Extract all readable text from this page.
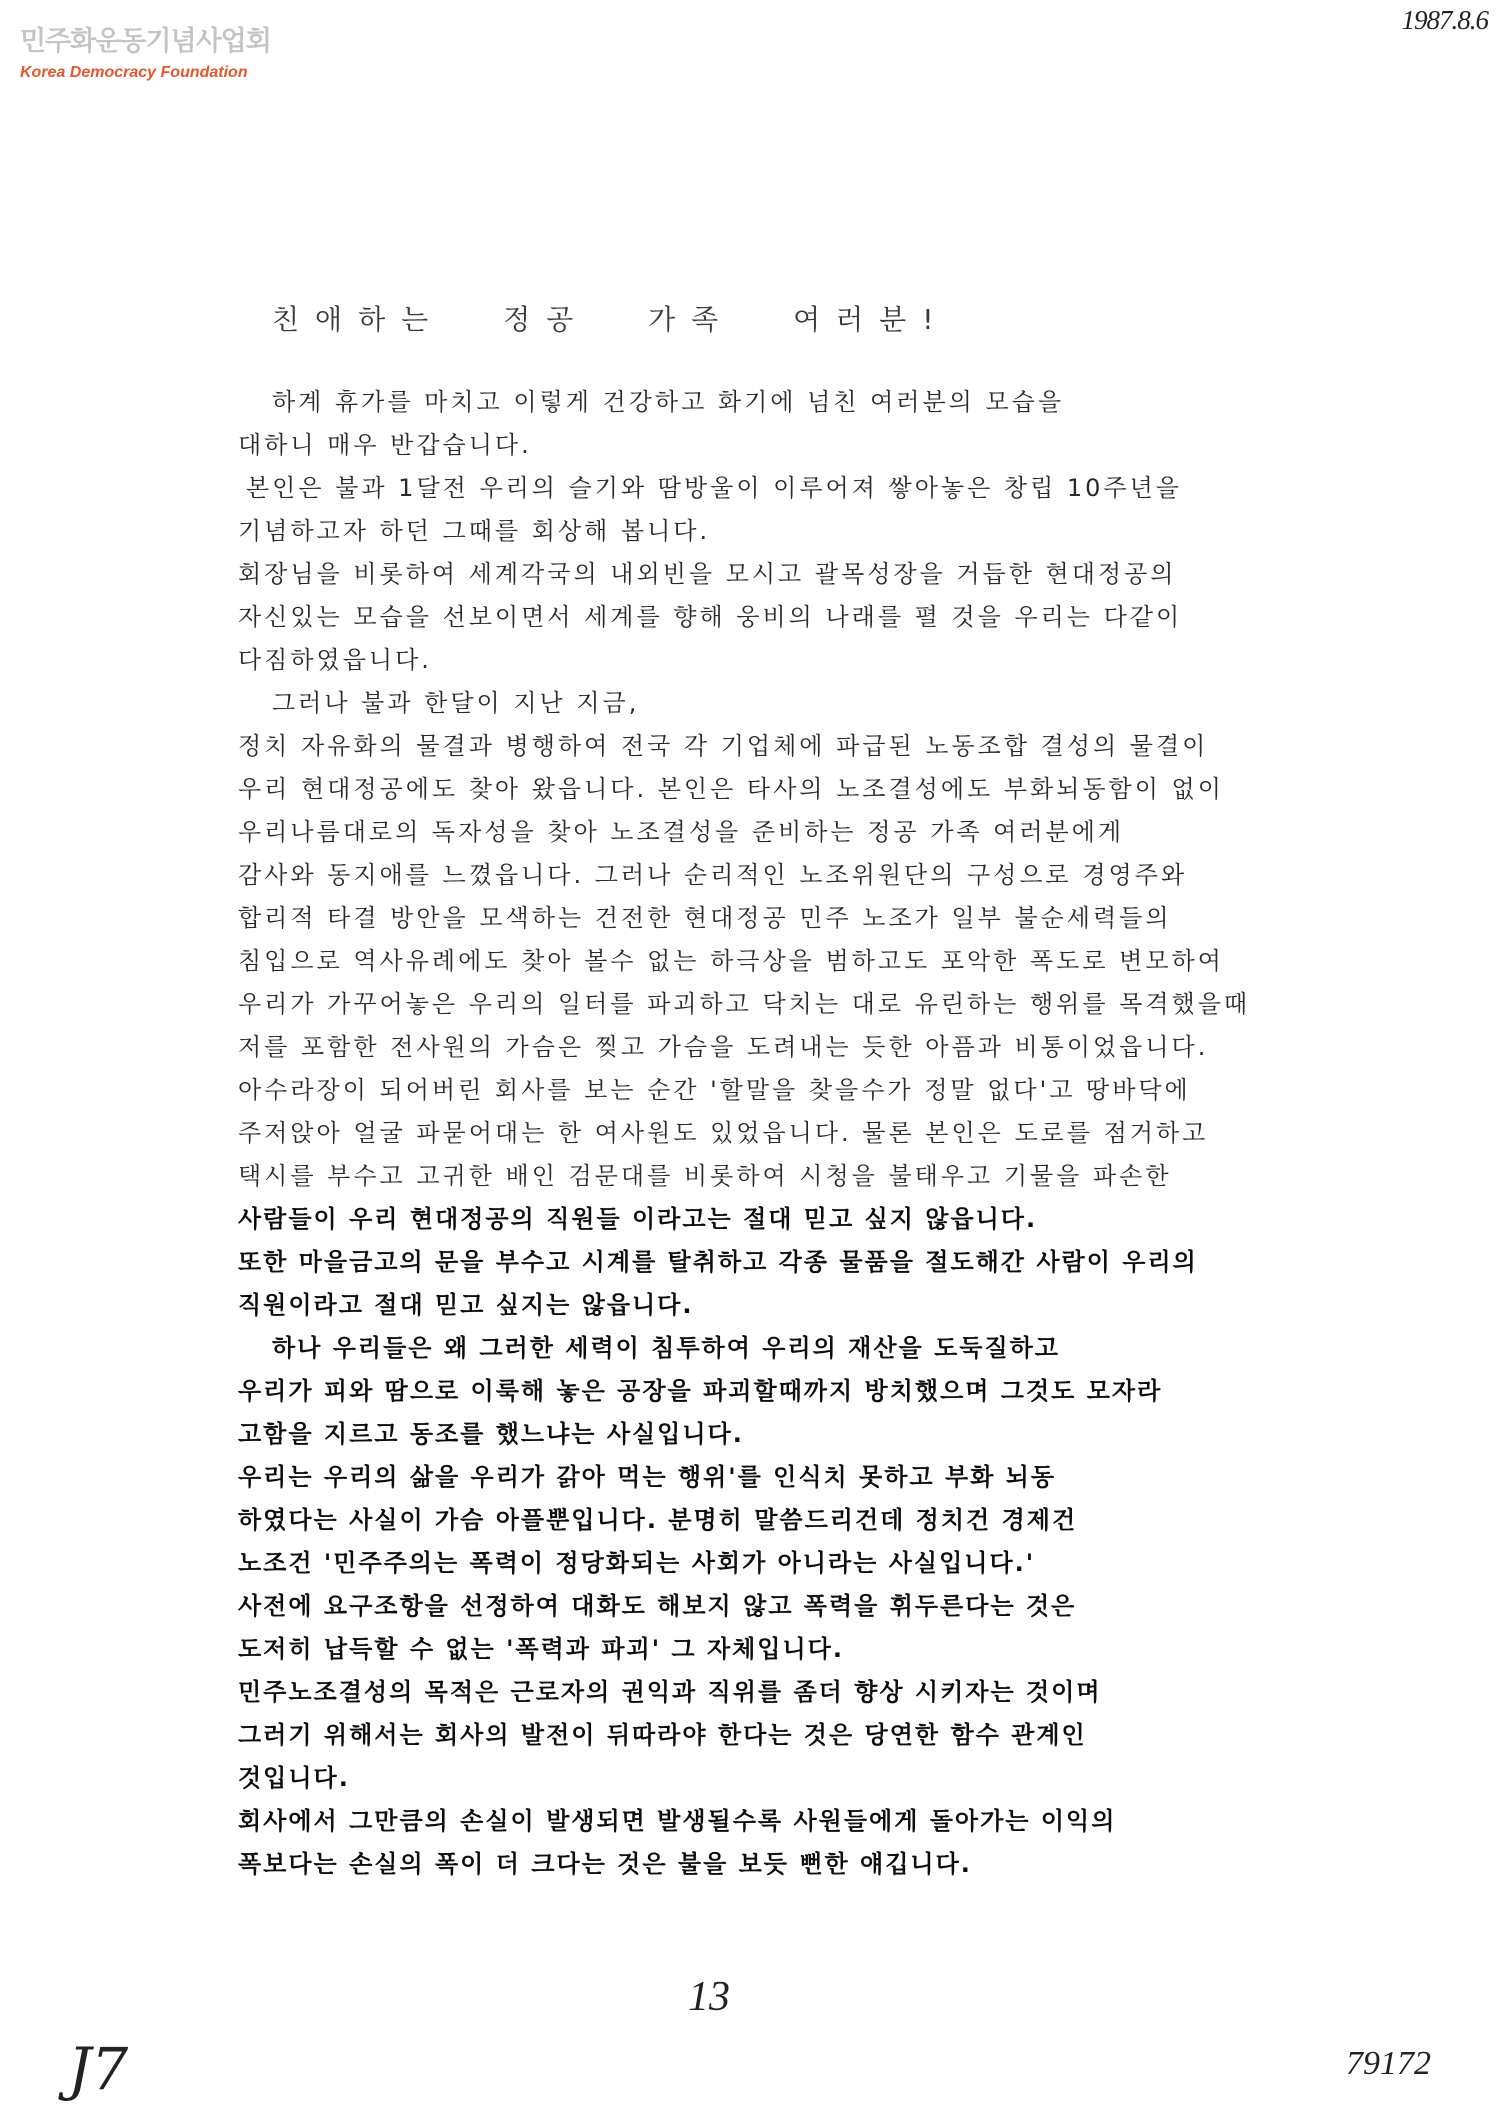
민주화운동기념사업회
Korea Democracy Foundation
1987.8.6
친애하는 정공 가족 여러분!
하계 휴가를 마치고 이렇게 건강하고 화기에 넘친 여러분의 모습을
대하니 매우 반갑습니다.
본인은 불과 1달전 우리의 슬기와 땀방울이 이루어져 쌓아놓은 창립 10주년을
기념하고자 하던 그때를 회상해 봅니다.
회장님을 비롯하여 세계각국의 내외빈을 모시고 괄목성장을 거듭한 현대정공의
자신있는 모습을 선보이면서 세계를 향해 웅비의 나래를 펼 것을 우리는 다같이
다짐하였읍니다.
그러나 불과 한달이 지난 지금,
정치 자유화의 물결과 병행하여 전국 각 기업체에 파급된 노동조합 결성의 물결이
우리 현대정공에도 찾아 왔읍니다. 본인은 타사의 노조결성에도 부화뇌동함이 없이
우리나름대로의 독자성을 찾아 노조결성을 준비하는 정공 가족 여러분에게
감사와 동지애를 느꼈읍니다. 그러나 순리적인 노조위원단의 구성으로 경영주와
합리적 타결 방안을 모색하는 건전한 현대정공 민주 노조가 일부 불순세력들의
침입으로 역사유례에도 찾아 볼수 없는 하극상을 범하고도 포악한 폭도로 변모하여
우리가 가꾸어놓은 우리의 일터를 파괴하고 닥치는 대로 유린하는 행위를 목격했을때
저를 포함한 전사원의 가슴은 찢고 가슴을 도려내는 듯한 아픔과 비통이었읍니다.
아수라장이 되어버린 회사를 보는 순간 '할말을 찾을수가 정말 없다'고 땅바닥에
주저앉아 얼굴 파묻어대는 한 여사원도 있었읍니다. 물론 본인은 도로를 점거하고
택시를 부수고 고귀한 배인 검문대를 비롯하여 시청을 불태우고 기물을 파손한
사람들이 우리 현대정공의 직원들 이라고는 절대 믿고 싶지 않읍니다.
또한 마을금고의 문을 부수고 시계를 탈취하고 각종 물품을 절도해간 사람이 우리의
직원이라고 절대 믿고 싶지는 않읍니다.
하나 우리들은 왜 그러한 세력이 침투하여 우리의 재산을 도둑질하고
우리가 피와 땀으로 이룩해 놓은 공장을 파괴할때까지 방치했으며 그것도 모자라
고함을 지르고 동조를 했느냐는 사실입니다.
우리는 우리의 삶을 우리가 갉아 먹는 행위'를 인식치 못하고 부화 뇌동
하였다는 사실이 가슴 아플뿐입니다. 분명히 말씀드리건데 정치건 경제건
노조건 '민주주의는 폭력이 정당화되는 사회가 아니라는 사실입니다.'
사전에 요구조항을 선정하여 대화도 해보지 않고 폭력을 휘두른다는 것은
도저히 납득할 수 없는 '폭력과 파괴' 그 자체입니다.
민주노조결성의 목적은 근로자의 권익과 직위를 좀더 향상 시키자는 것이며
그러기 위해서는 회사의 발전이 뒤따라야 한다는 것은 당연한 함수 관계인
것입니다.
회사에서 그만큼의 손실이 발생되면 발생될수록 사원들에게 돌아가는 이익의
폭보다는 손실의 폭이 더 크다는 것은 불을 보듯 뻔한 얘깁니다.
13
J7	79172
